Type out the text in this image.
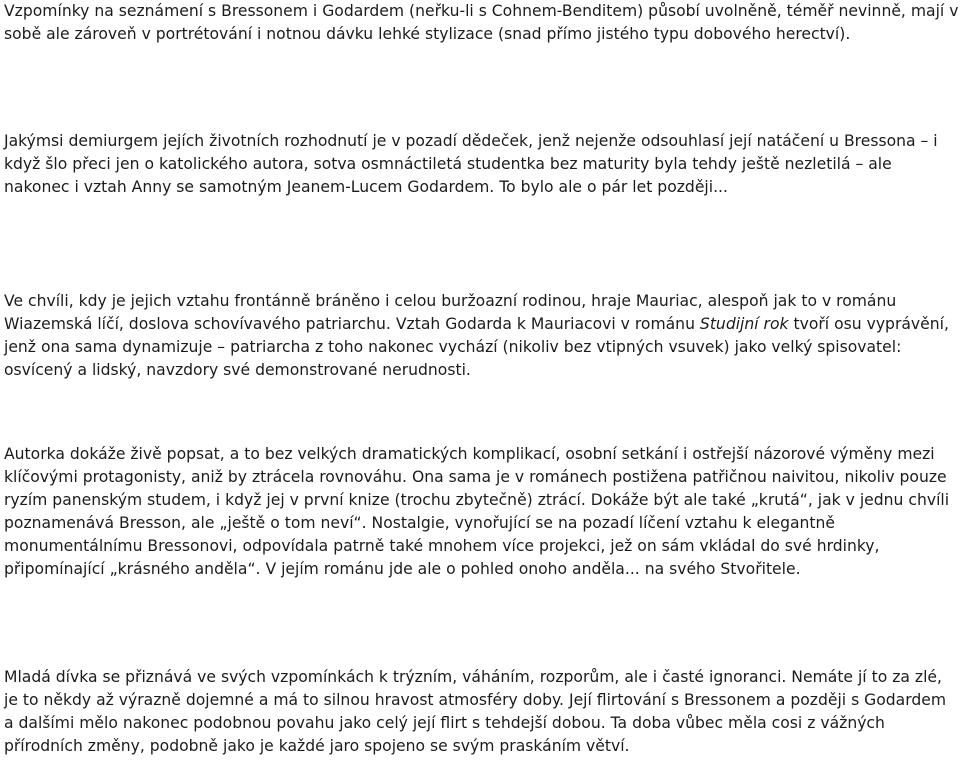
Vzpomínky na seznámení s Bressonem i Godardem (neřku-li s Cohnem-Benditem) působí uvolněně, téměř nevinně, mají v sobě ale zároveň v portrétování i notnou dávku lehké stylizace (snad přímo jistého typu dobového herectví).

Jakýmsi demiurgem jejích životních rozhodnutí je v pozadí dědeček, jenž nejenže odsouhlasí její natáčení u Bressona – i když šlo přeci jen o katolického autora, sotva osmnáctiletá studentka bez maturity byla tehdy ještě nezletilá – ale nakonec i vztah Anny se samotným Jeanem-Lucem Godardem. To bylo ale o pár let později...

Ve chvíli, kdy je jejich vztahu frontánně bráněno i celou buržoazní rodinou, hraje Mauriac, alespoň jak to v románu Wiazemská líčí, doslova schovívavého patriarchu. Vztah Godarda k Mauriacovi v románu Studijní rok tvoří osu vyprávění, jenž ona sama dynamizuje – patriarcha z toho nakonec vychází (nikoliv bez vtipných vsuvek) jako velký spisovatel: osvícený a lidský, navzdory své demonstrované nerudnosti.

Autorka dokáže živě popsat, a to bez velkých dramatických komplikací, osobní setkání i ostřejší názorové výměny mezi klíčovými protagonisty, aniž by ztrácela rovnováhu. Ona sama je v románech postižena patřičnou naivitou, nikoliv pouze ryzím panenským studem, i když jej v první knize (trochu zbytečně) ztrácí. Dokáže být ale také „krutá“, jak v jednu chvíli poznamenává Bresson, ale „ještě o tom neví“. Nostalgie, vynořující se na pozadí líčení vztahu k elegantně monumentálnímu Bressonovi, odpovídala patrně také mnohem více projekci, jež on sám vkládal do své hrdinky, připomínající „krásného anděla“. V jejím románu jde ale o pohled onoho anděla... na svého Stvořitele.

Mladá dívka se přiznává ve svých vzpomínkách k trýzním, váháním, rozporům, ale i časté ignoranci. Nemáte jí to za zlé, je to někdy až výrazně dojemné a má to silnou hravost atmosféry doby. Její flirtování s Bressonem a později s Godardem a dalšími mělo nakonec podobnou povahu jako celý její flirt s tehdejší dobou. Ta doba vůbec měla cosi z vážných přírodních změny, podobně jako je každé jaro spojeno se svým praskáním větví.
